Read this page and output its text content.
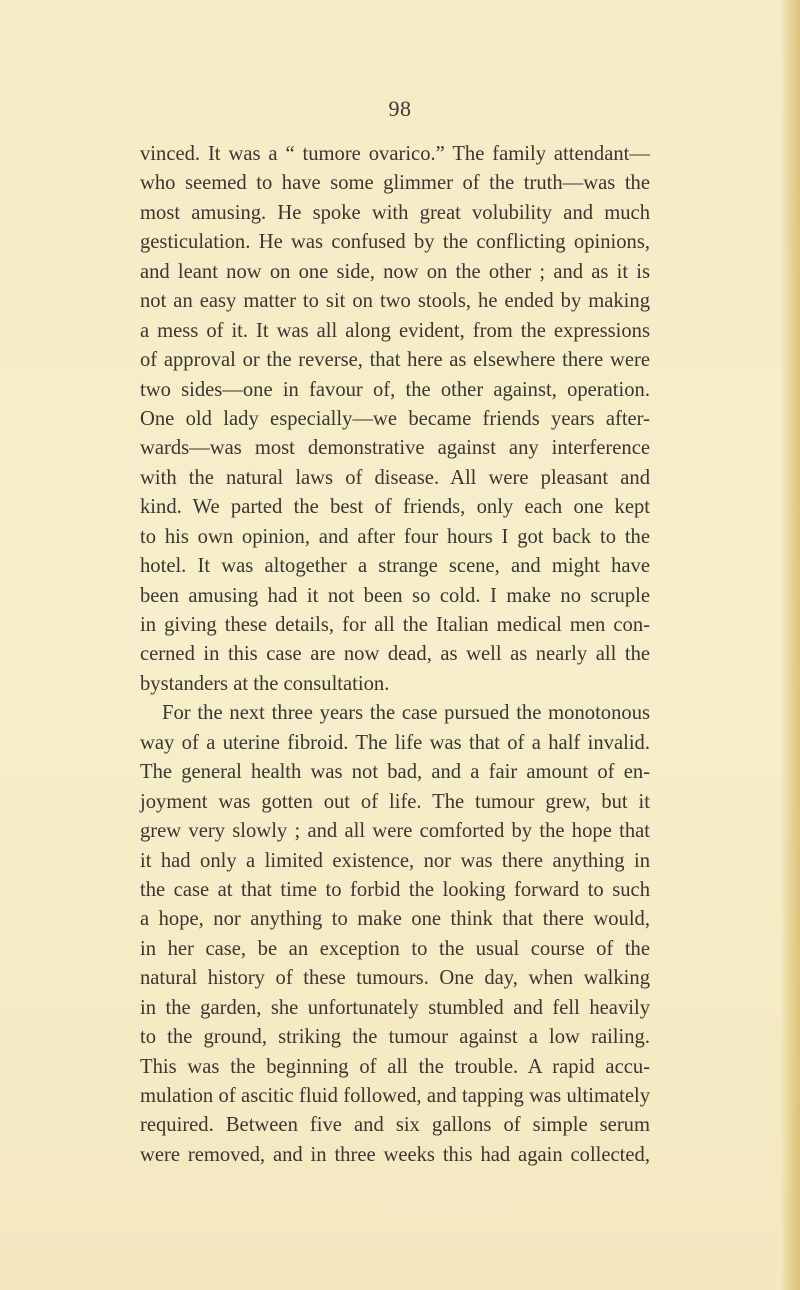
98
vinced. It was a “ tumore ovarico.” The family attendant—
who seemed to have some glimmer of the truth—was the
most amusing. He spoke with great volubility and much
gesticulation. He was confused by the conflicting opinions,
and leant now on one side, now on the other ; and as it is
not an easy matter to sit on two stools, he ended by making
a mess of it. It was all along evident, from the expressions
of approval or the reverse, that here as elsewhere there were
two sides—one in favour of, the other against, operation.
One old lady especially—we became friends years after-
wards—was most demonstrative against any interference
with the natural laws of disease. All were pleasant and
kind. We parted the best of friends, only each one kept
to his own opinion, and after four hours I got back to the
hotel. It was altogether a strange scene, and might have
been amusing had it not been so cold. I make no scruple
in giving these details, for all the Italian medical men con-
cerned in this case are now dead, as well as nearly all the
bystanders at the consultation.
For the next three years the case pursued the monotonous
way of a uterine fibroid. The life was that of a half invalid.
The general health was not bad, and a fair amount of en-
joyment was gotten out of life. The tumour grew, but it
grew very slowly ; and all were comforted by the hope that
it had only a limited existence, nor was there anything in
the case at that time to forbid the looking forward to such
a hope, nor anything to make one think that there would,
in her case, be an exception to the usual course of the
natural history of these tumours. One day, when walking
in the garden, she unfortunately stumbled and fell heavily
to the ground, striking the tumour against a low railing.
This was the beginning of all the trouble. A rapid accu-
mulation of ascitic fluid followed, and tapping was ultimately
required. Between five and six gallons of simple serum
were removed, and in three weeks this had again collected,
